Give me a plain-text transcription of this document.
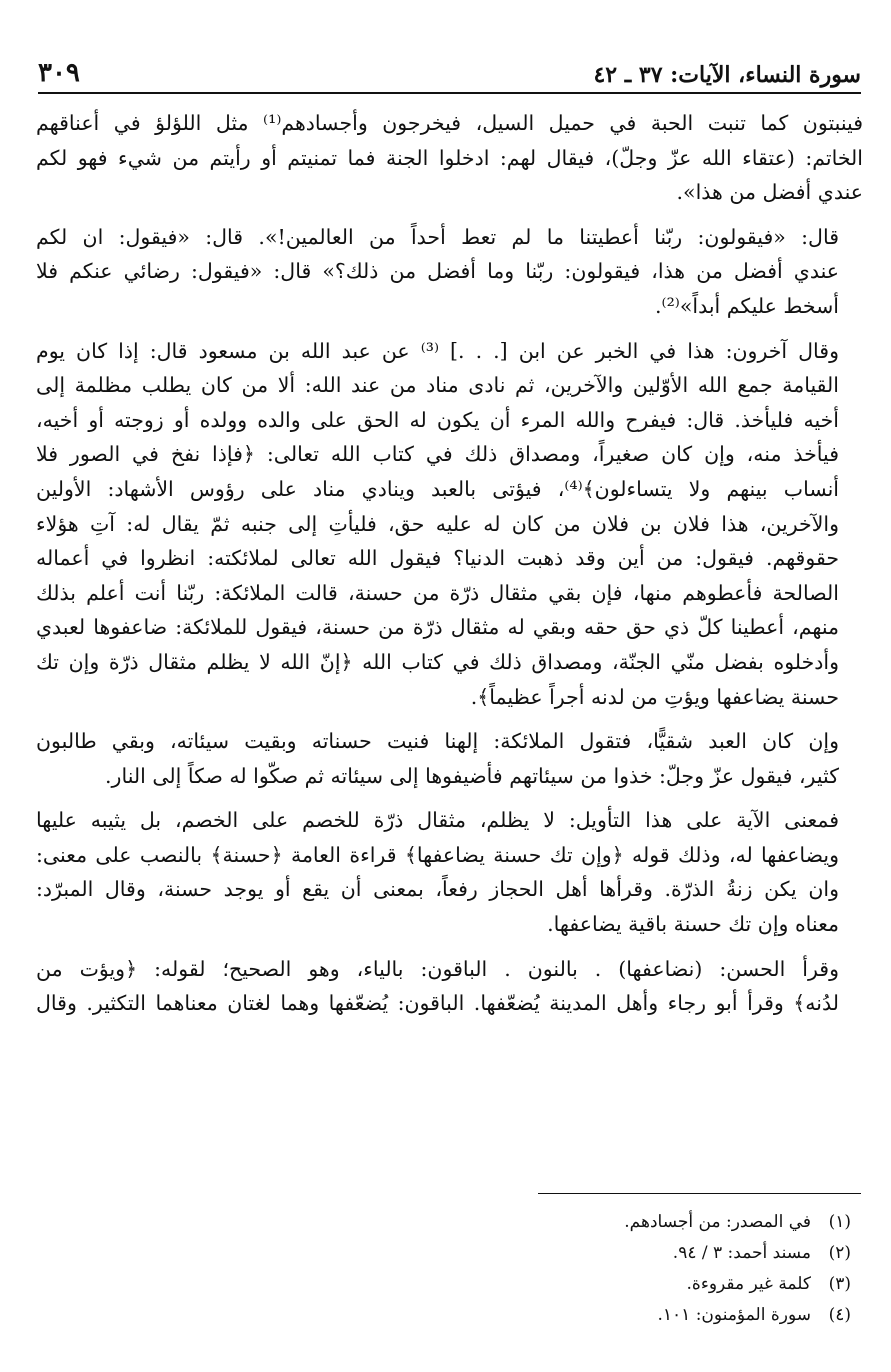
سورة النساء، الآيات: ٣٧ ـ ٤٢
٣٠٩

فينبتون كما تنبت الحبة في حميل السيل، فيخرجون وأجسادهم⁽¹⁾ مثل اللؤلؤ في أعناقهم
الخاتم: (عتقاء الله عزّ وجلّ)، فيقال لهم: ادخلوا الجنة فما تمنيتم أو رأيتم من شيء فهو لكم
عندي أفضل من هذا».

قال: «فيقولون: ربّنا أعطيتنا ما لم تعط أحداً من العالمين!». قال: «فيقول: ان لكم
عندي أفضل من هذا، فيقولون: ربّنا وما أفضل من ذلك؟» قال: «فيقول: رضائي عنكم فلا
أسخط عليكم أبداً»⁽²⁾.

وقال آخرون: هذا في الخبر عن ابن [. . .] ⁽³⁾ عن عبد الله بن مسعود قال: إذا كان يوم
القيامة جمع الله الأوّلين والآخرين، ثم نادى مناد من عند الله: ألا من كان يطلب مظلمة إلى
أخيه فليأخذ. قال: فيفرح والله المرء أن يكون له الحق على والده وولده أو زوجته أو أخيه،
فيأخذ منه، وإن كان صغيراً، ومصداق ذلك في كتاب الله تعالى: ﴿فإذا نفخ في الصور فلا
أنساب بينهم ولا يتساءلون﴾⁽⁴⁾، فيؤتى بالعبد وينادي مناد على رؤوس الأشهاد: الأولين
والآخرين، هذا فلان بن فلان من كان له عليه حق، فليأتِ إلى جنبه ثمّ يقال له: آتِ هؤلاء
حقوقهم. فيقول: من أين وقد ذهبت الدنيا؟ فيقول الله تعالى لملائكته: انظروا في أعماله
الصالحة فأعطوهم منها، فإن بقي مثقال ذرّة من حسنة، قالت الملائكة: ربّنا أنت أعلم بذلك
منهم، أعطينا كلّ ذي حق حقه وبقي له مثقال ذرّة من حسنة، فيقول للملائكة: ضاعفوها لعبدي
وأدخلوه بفضل منّي الجنّة، ومصداق ذلك في كتاب الله ﴿إنّ الله لا يظلم مثقال ذرّة وإن تك
حسنة يضاعفها ويؤتِ من لدنه أجراً عظيماً﴾.

وإن كان العبد شقيًّا، فتقول الملائكة: إلهنا فنيت حسناته وبقيت سيئاته، وبقي طالبون
كثير، فيقول عزّ وجلّ: خذوا من سيئاتهم فأضيفوها إلى سيئاته ثم صكّوا له صكاً إلى النار.

فمعنى الآية على هذا التأويل: لا يظلم، مثقال ذرّة للخصم على الخصم، بل يثيبه عليها
ويضاعفها له، وذلك قوله ﴿وإن تك حسنة يضاعفها﴾ قراءة العامة ﴿حسنة﴾ بالنصب على معنى:
وان يكن زنةُ الذرّة. وقرأها أهل الحجاز رفعاً، بمعنى أن يقع أو يوجد حسنة، وقال المبرّد:
معناه وإن تك حسنة باقية يضاعفها.

وقرأ الحسن: (نضاعفها) . بالنون . الباقون: بالياء، وهو الصحيح؛ لقوله: ﴿ويؤت من
لدُنه﴾ وقرأ أبو رجاء وأهل المدينة يُضعّفها. الباقون: يُضعّفها وهما لغتان معناهما التكثير. وقال

(١)في المصدر: من أجسادهم.
(٢)مسند أحمد: ٣ / ٩٤.
(٣)كلمة غير مقروءة.
(٤)سورة المؤمنون: ١٠١.
